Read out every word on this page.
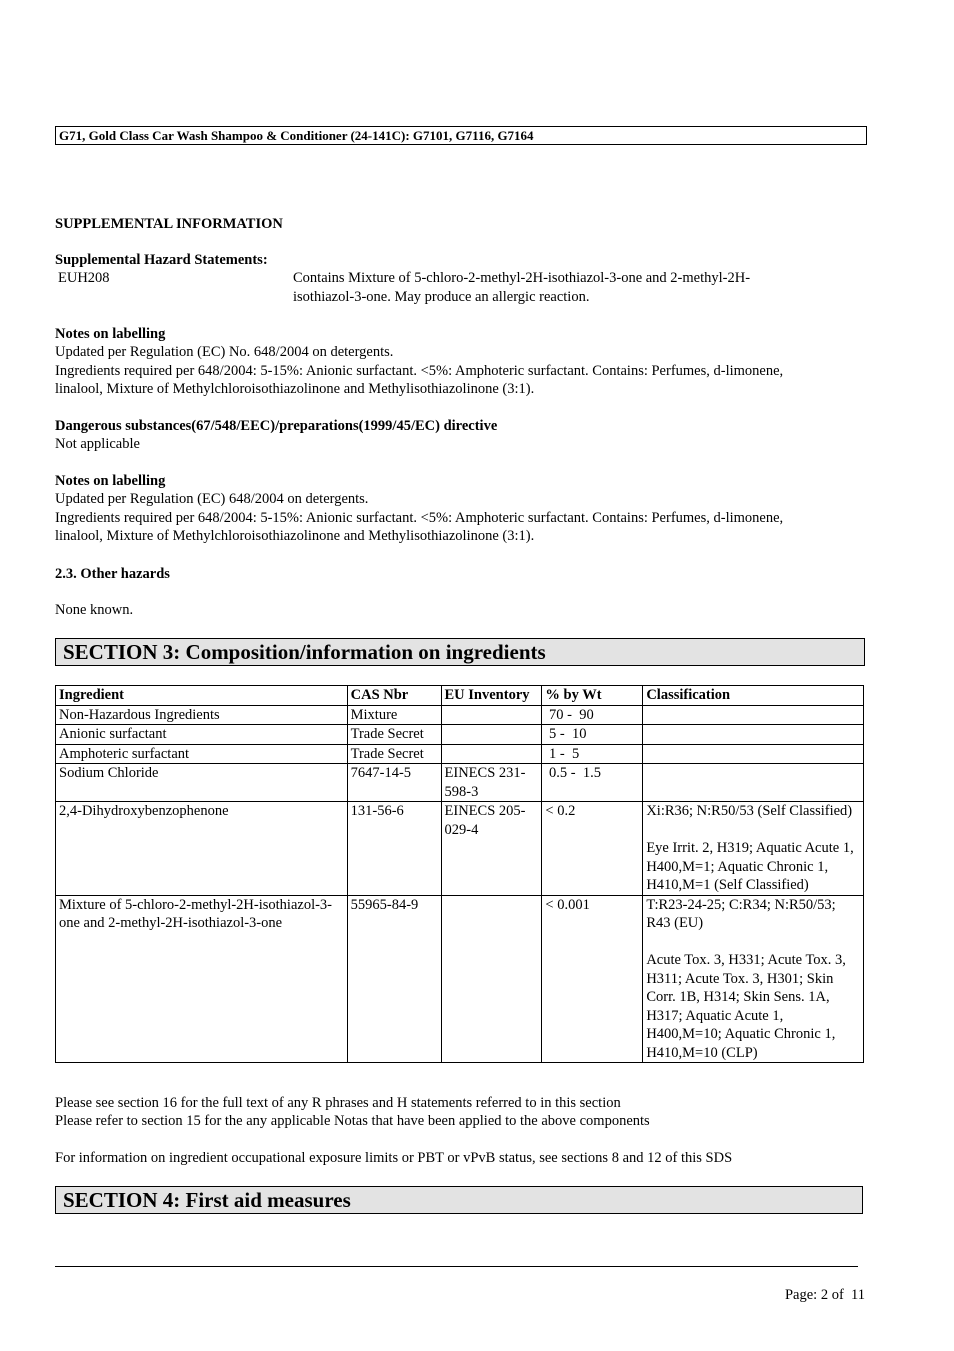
G71, Gold Class Car Wash Shampoo & Conditioner (24-141C): G7101, G7116, G7164
SUPPLEMENTAL INFORMATION
Supplemental Hazard Statements:
EUH208	Contains Mixture of 5-chloro-2-methyl-2H-isothiazol-3-one and 2-methyl-2H-
isothiazol-3-one. May produce an allergic reaction.
Notes on labelling
Updated per Regulation (EC) No. 648/2004 on detergents.
Ingredients required per 648/2004: 5-15%: Anionic surfactant. <5%: Amphoteric surfactant. Contains: Perfumes, d-limonene,
linalool, Mixture of Methylchloroisothiazolinone and Methylisothiazolinone (3:1).
Dangerous substances(67/548/EEC)/preparations(1999/45/EC) directive
Not applicable
Notes on labelling
Updated per Regulation (EC) 648/2004 on detergents.
Ingredients required per 648/2004: 5-15%: Anionic surfactant. <5%: Amphoteric surfactant. Contains: Perfumes, d-limonene,
linalool, Mixture of Methylchloroisothiazolinone and Methylisothiazolinone (3:1).
2.3. Other hazards
None known.
SECTION 3: Composition/information on ingredients
Ingredient	CAS Nbr	EU Inventory	% by Wt	Classification
Non-Hazardous Ingredients	Mixture		70 -  90	
Anionic surfactant	Trade Secret		5 -  10	
Amphoteric surfactant	Trade Secret		1 -  5	
Sodium Chloride	7647-14-5	EINECS 231-598-3	0.5 -  1.5	
2,4-Dihydroxybenzophenone	131-56-6	EINECS 205-029-4	< 0.2	Xi:R36; N:R50/53 (Self Classified)
Eye Irrit. 2, H319; Aquatic Acute 1, H400,M=1; Aquatic Chronic 1, H410,M=1 (Self Classified)

Mixture of 5-chloro-2-methyl-2H-isothiazol-3-one and 2-methyl-2H-isothiazol-3-one	55965-84-9		< 0.001	T:R23-24-25; C:R34; N:R50/53; R43 (EU)
Acute Tox. 3, H331; Acute Tox. 3, H311; Acute Tox. 3, H301; Skin Corr. 1B, H314; Skin Sens. 1A, H317; Aquatic Acute 1, H400,M=10; Aquatic Chronic 1, H410,M=10 (CLP)
Please see section 16 for the full text of any R phrases and H statements referred to in this section
Please refer to section 15 for the any applicable Notas that have been applied to the above components
For information on ingredient occupational exposure limits or PBT or vPvB status, see sections 8 and 12 of this SDS
SECTION 4: First aid measures
Page: 2 of  11
